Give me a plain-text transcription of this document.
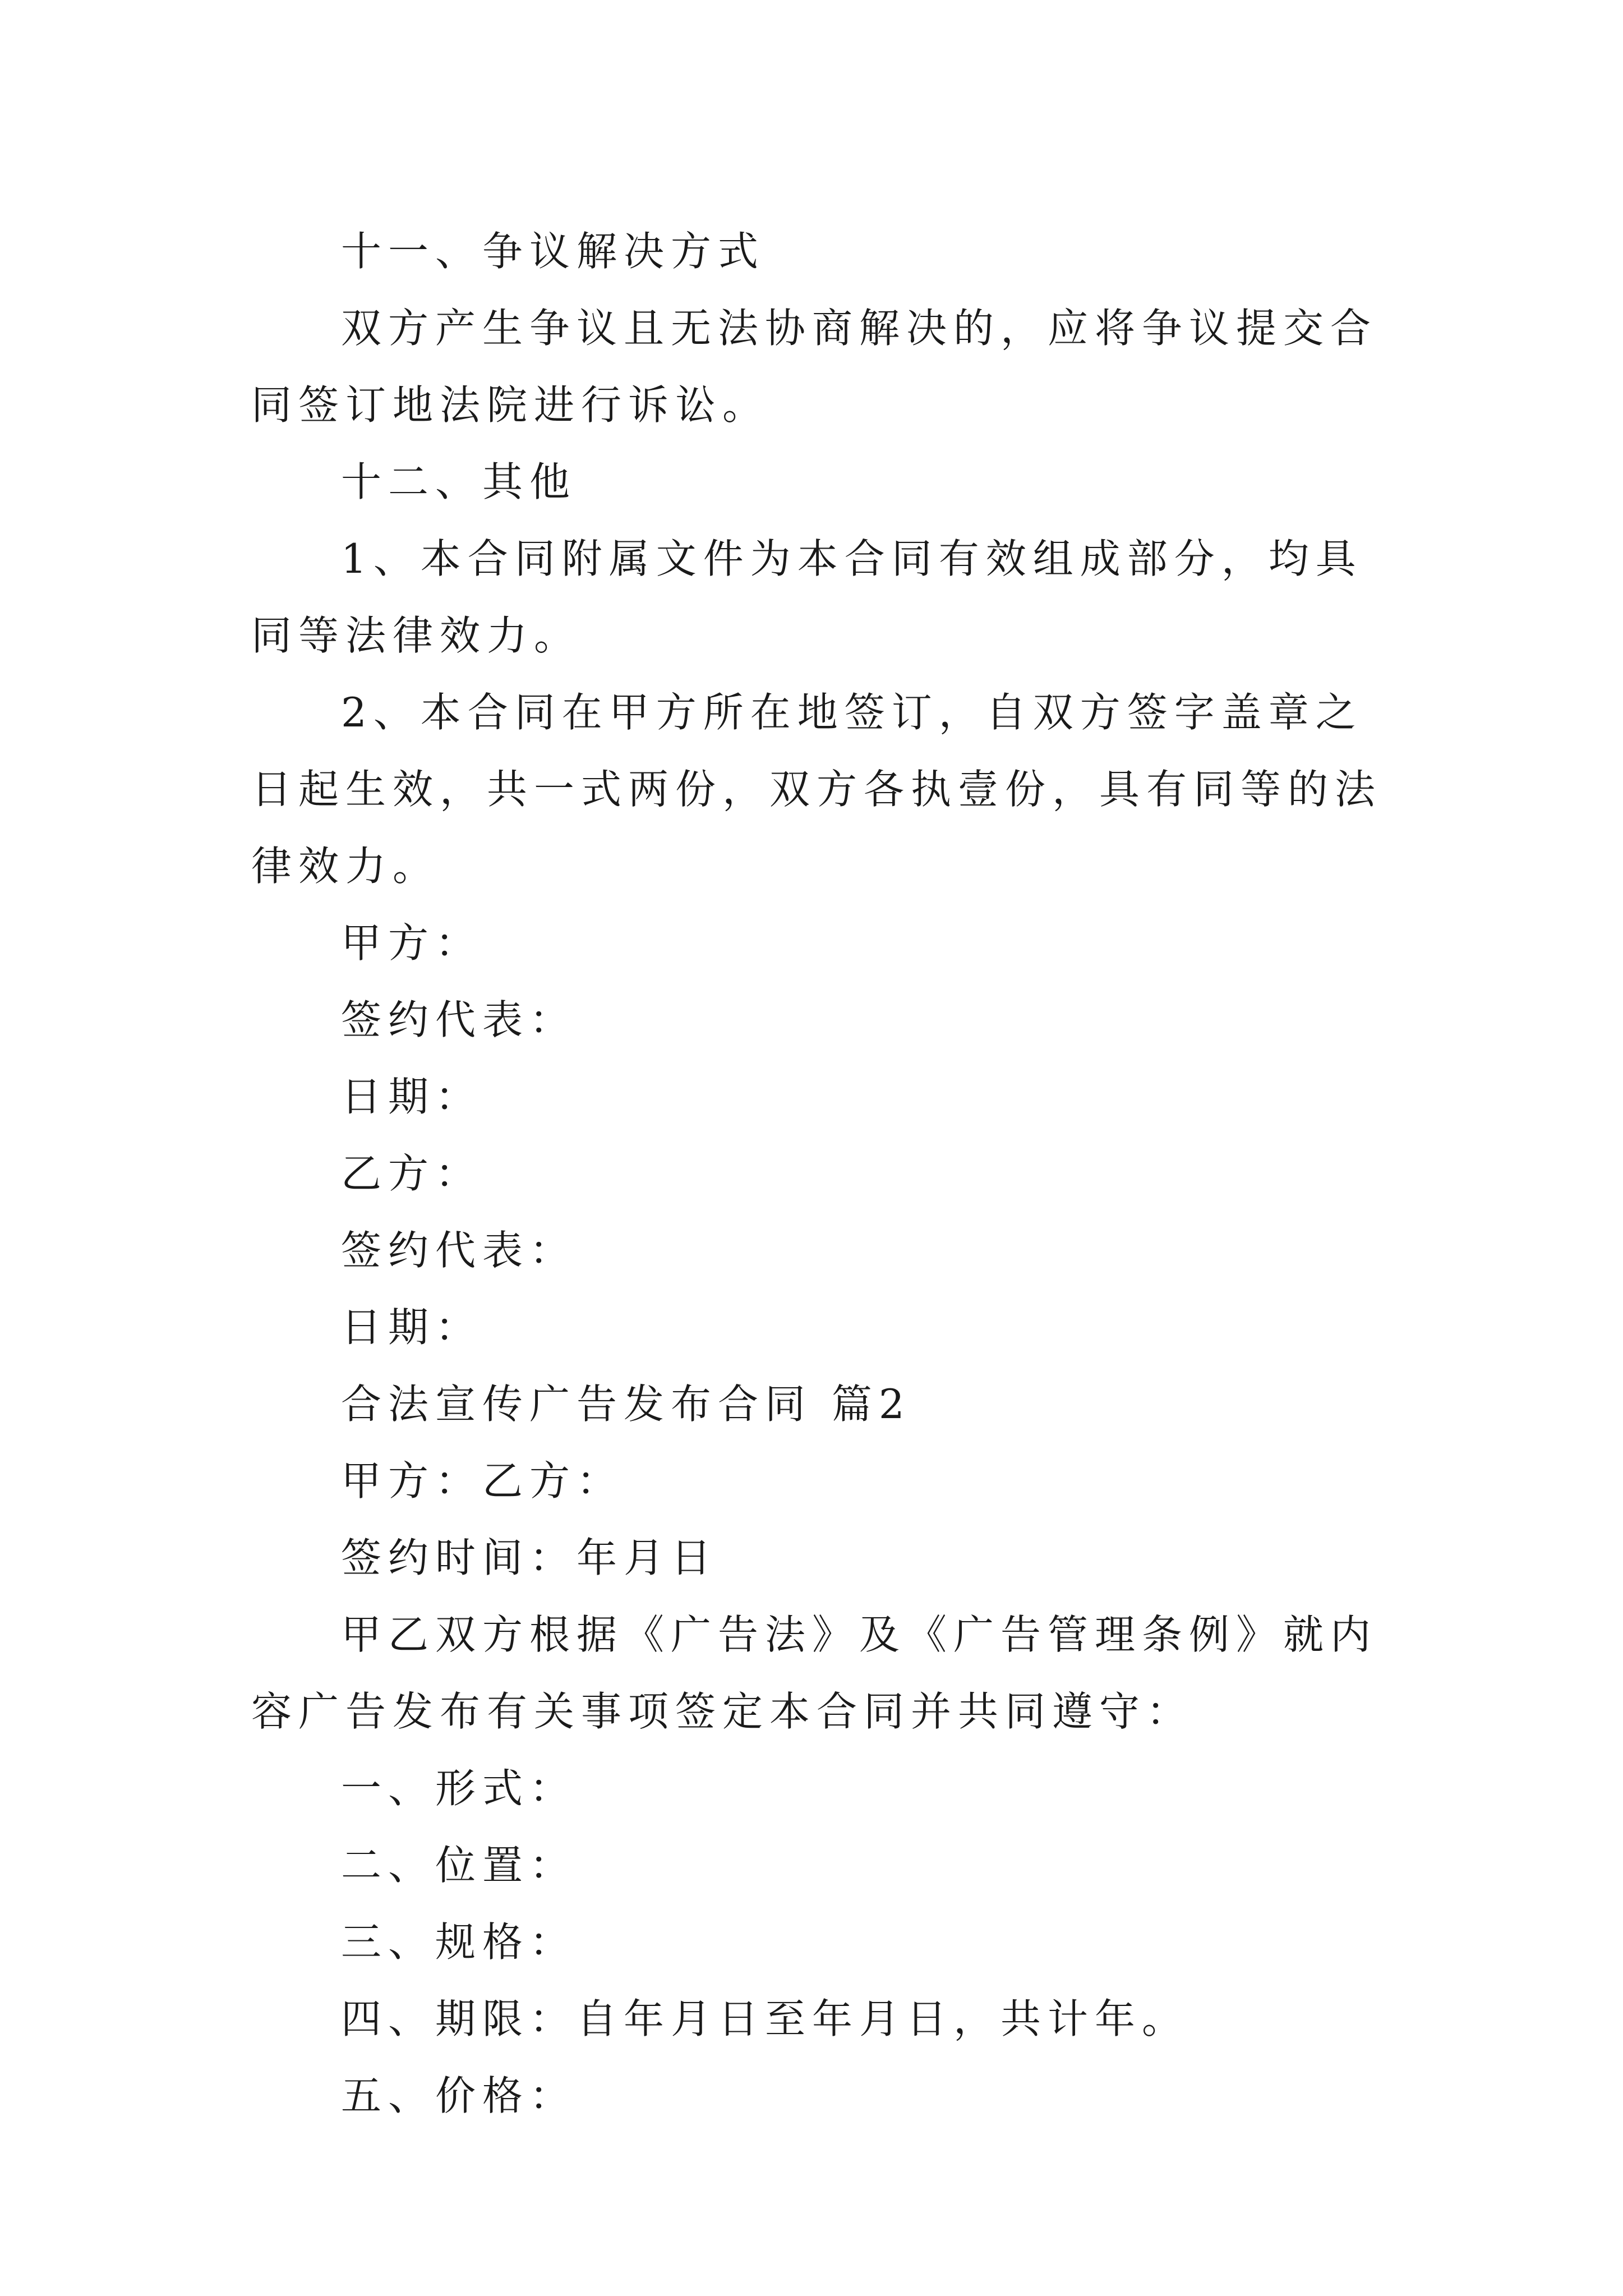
十一、争议解决方式

双方产生争议且无法协商解决的，应将争议提交合同签订地法院进行诉讼。

十二、其他

1、本合同附属文件为本合同有效组成部分，均具同等法律效力。

2、本合同在甲方所在地签订，自双方签字盖章之日起生效，共一式两份，双方各执壹份，具有同等的法律效力。

甲方：

签约代表：

日期：

乙方：

签约代表：

日期：

合法宣传广告发布合同 篇2

甲方：乙方：

签约时间：年月日

甲乙双方根据《广告法》及《广告管理条例》就内容广告发布有关事项签定本合同并共同遵守：

一、形式：

二、位置：

三、规格：

四、期限：自年月日至年月日，共计年。

五、价格：
